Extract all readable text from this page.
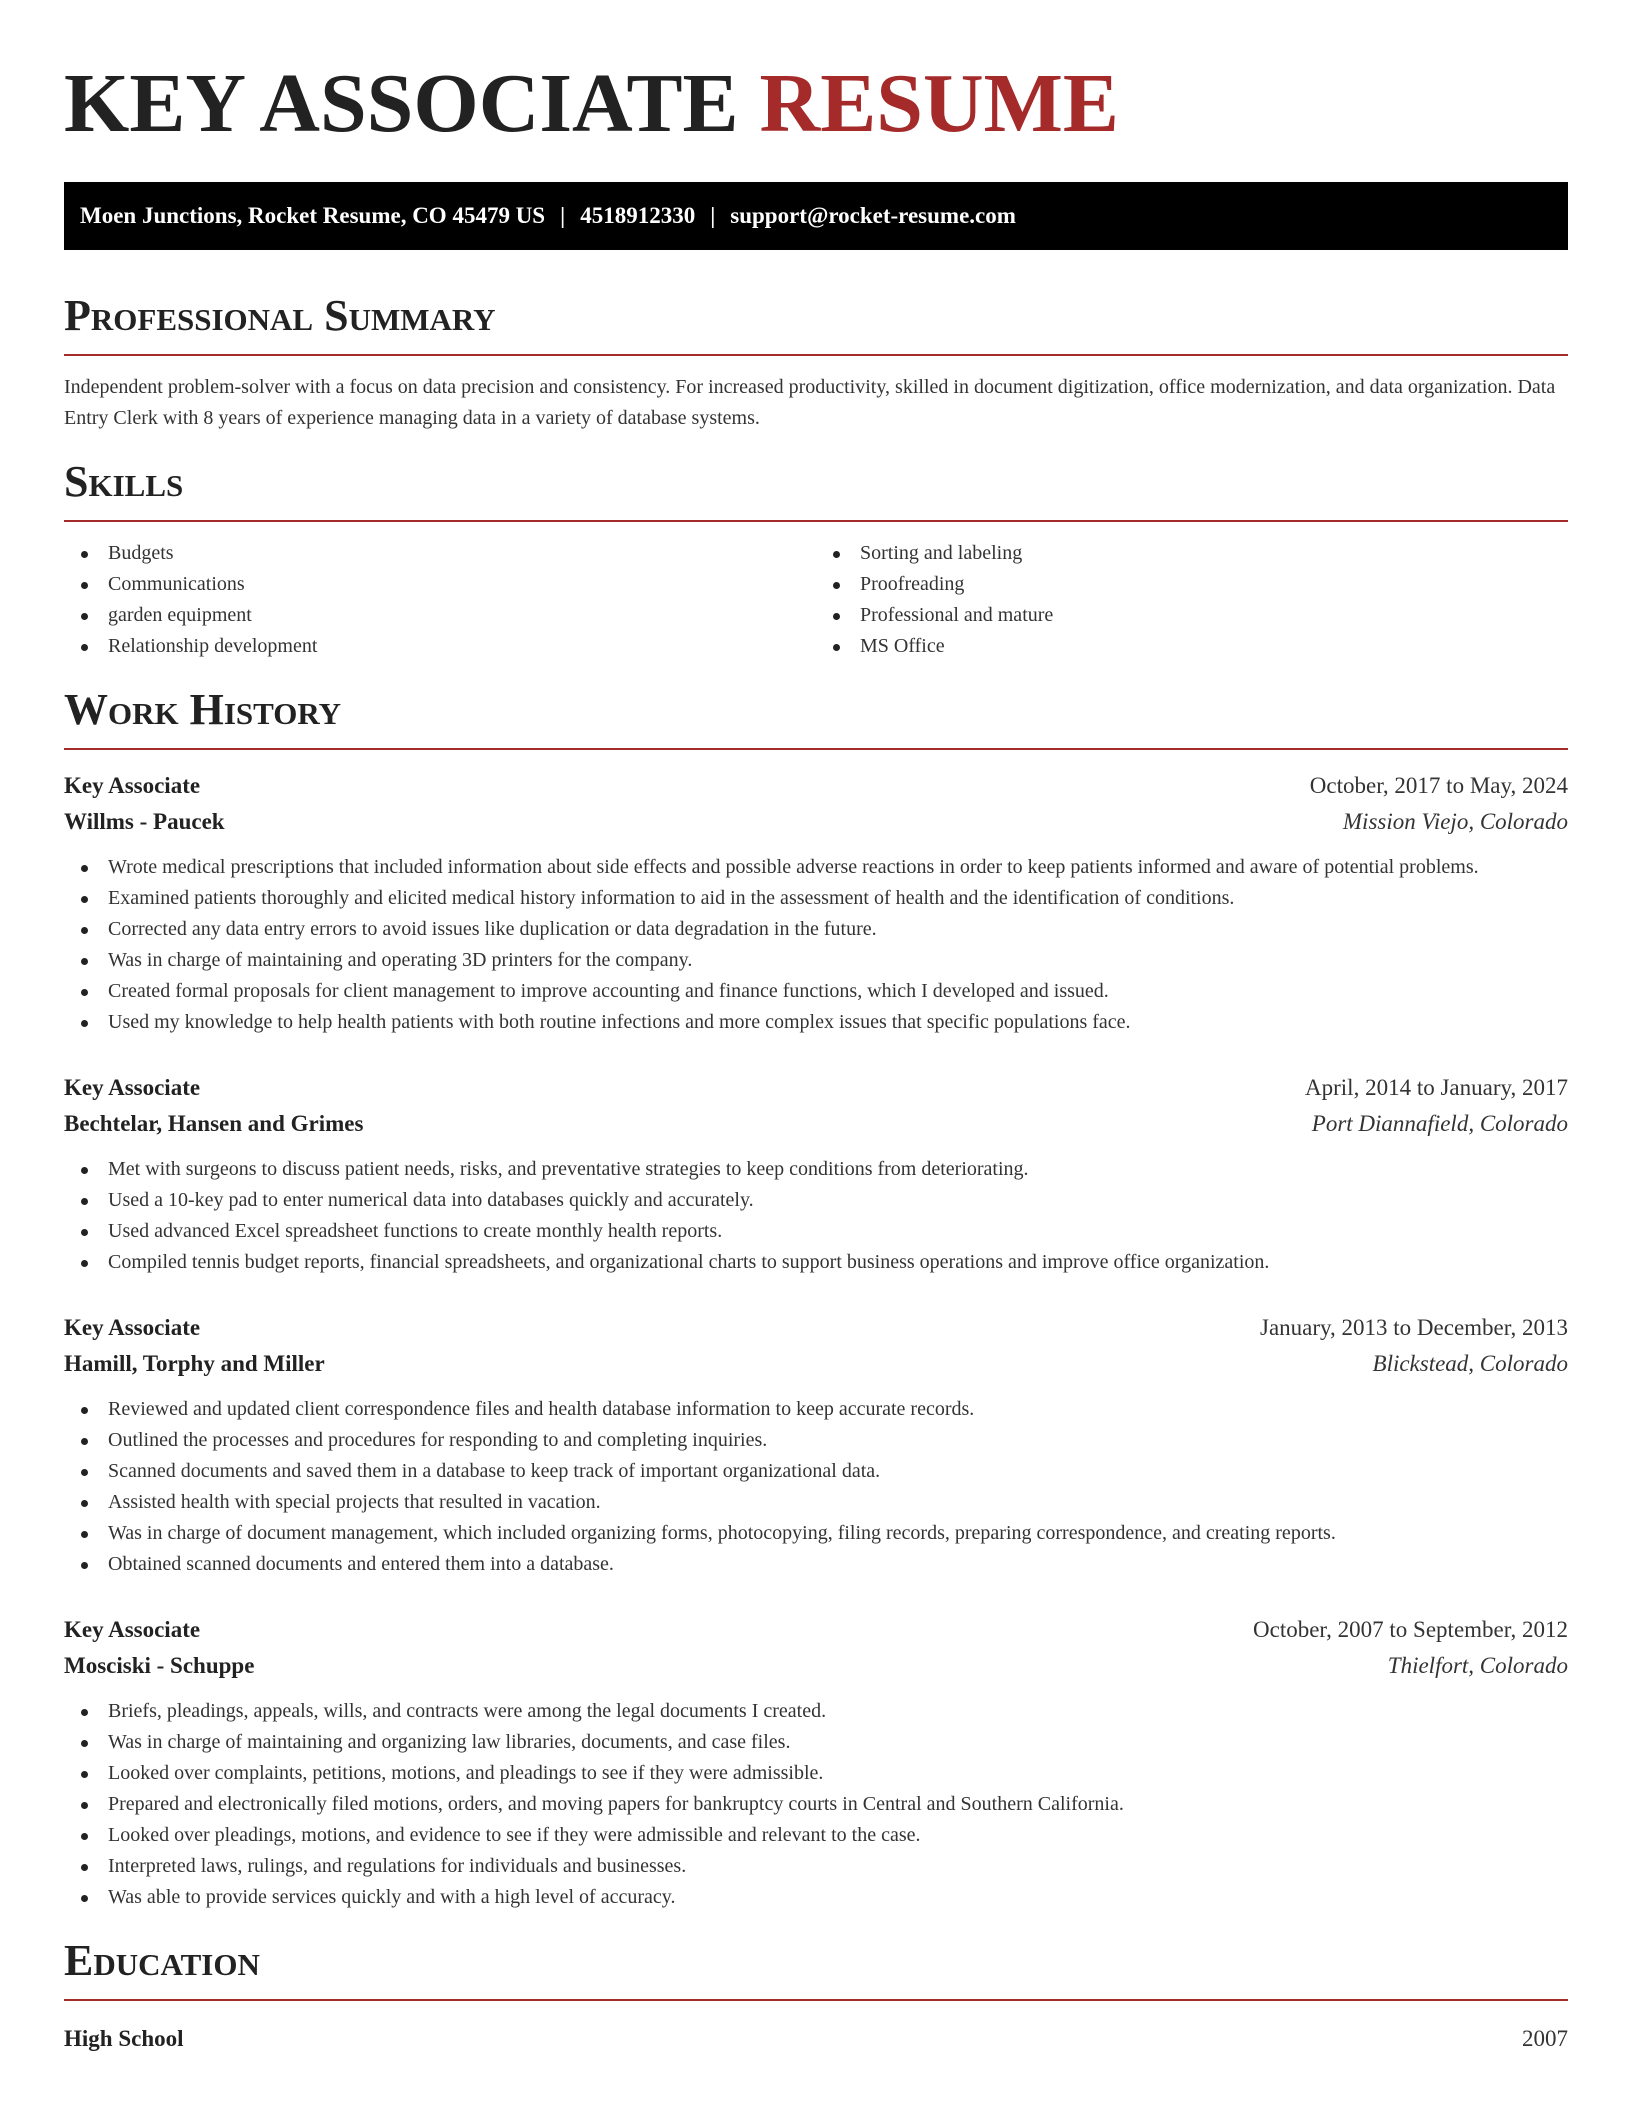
KEY ASSOCIATE RESUME
Moen Junctions, Rocket Resume, CO 45479 US | 4518912330 | support@rocket-resume.com
Professional Summary

Independent problem-solver with a focus on data precision and consistency. For increased productivity, skilled in document digitization, office modernization, and data organization. Data Entry Clerk with 8 years of experience managing data in a variety of database systems.

Skills
Budgets
Communications
garden equipment
Relationship development
Sorting and labeling
Proofreading
Professional and mature
MS Office
Work History
Key Associate	October, 2017 to May, 2024
Willms - Paucek	Mission Viejo, Colorado
Wrote medical prescriptions that included information about side effects and possible adverse reactions in order to keep patients informed and aware of potential problems.
Examined patients thoroughly and elicited medical history information to aid in the assessment of health and the identification of conditions.
Corrected any data entry errors to avoid issues like duplication or data degradation in the future.
Was in charge of maintaining and operating 3D printers for the company.
Created formal proposals for client management to improve accounting and finance functions, which I developed and issued.
Used my knowledge to help health patients with both routine infections and more complex issues that specific populations face.
Key Associate	April, 2014 to January, 2017
Bechtelar, Hansen and Grimes	Port Diannafield, Colorado
Met with surgeons to discuss patient needs, risks, and preventative strategies to keep conditions from deteriorating.
Used a 10-key pad to enter numerical data into databases quickly and accurately.
Used advanced Excel spreadsheet functions to create monthly health reports.
Compiled tennis budget reports, financial spreadsheets, and organizational charts to support business operations and improve office organization.
Key Associate	January, 2013 to December, 2013
Hamill, Torphy and Miller	Blickstead, Colorado
Reviewed and updated client correspondence files and health database information to keep accurate records.
Outlined the processes and procedures for responding to and completing inquiries.
Scanned documents and saved them in a database to keep track of important organizational data.
Assisted health with special projects that resulted in vacation.
Was in charge of document management, which included organizing forms, photocopying, filing records, preparing correspondence, and creating reports.
Obtained scanned documents and entered them into a database.
Key Associate	October, 2007 to September, 2012
Mosciski - Schuppe	Thielfort, Colorado
Briefs, pleadings, appeals, wills, and contracts were among the legal documents I created.
Was in charge of maintaining and organizing law libraries, documents, and case files.
Looked over complaints, petitions, motions, and pleadings to see if they were admissible.
Prepared and electronically filed motions, orders, and moving papers for bankruptcy courts in Central and Southern California.
Looked over pleadings, motions, and evidence to see if they were admissible and relevant to the case.
Interpreted laws, rulings, and regulations for individuals and businesses.
Was able to provide services quickly and with a high level of accuracy.
Education
High School	2007
